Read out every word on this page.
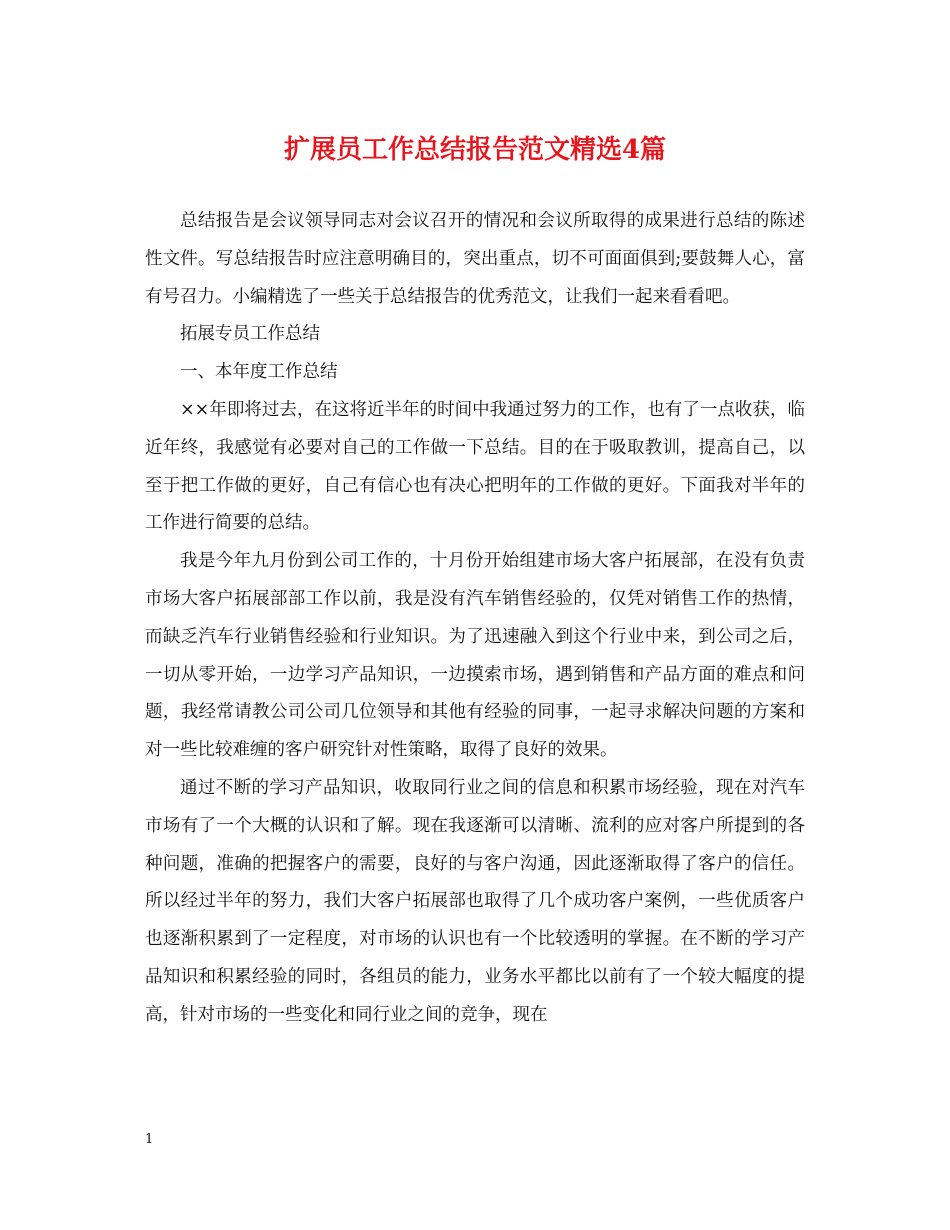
扩展员工作总结报告范文精选4篇

总结报告是会议领导同志对会议召开的情况和会议所取得的成果进行总结的陈述性文件。写总结报告时应注意明确目的，突出重点，切不可面面俱到;要鼓舞人心，富有号召力。小编精选了一些关于总结报告的优秀范文，让我们一起来看看吧。

拓展专员工作总结

一、本年度工作总结

××年即将过去，在这将近半年的时间中我通过努力的工作，也有了一点收获，临近年终，我感觉有必要对自己的工作做一下总结。目的在于吸取教训，提高自己，以至于把工作做的更好，自己有信心也有决心把明年的工作做的更好。下面我对半年的工作进行简要的总结。

我是今年九月份到公司工作的，十月份开始组建市场大客户拓展部，在没有负责市场大客户拓展部部工作以前，我是没有汽车销售经验的，仅凭对销售工作的热情，而缺乏汽车行业销售经验和行业知识。为了迅速融入到这个行业中来，到公司之后，一切从零开始，一边学习产品知识，一边摸索市场，遇到销售和产品方面的难点和问题，我经常请教公司公司几位领导和其他有经验的同事，一起寻求解决问题的方案和对一些比较难缠的客户研究针对性策略，取得了良好的效果。

通过不断的学习产品知识，收取同行业之间的信息和积累市场经验，现在对汽车市场有了一个大概的认识和了解。现在我逐渐可以清晰、流利的应对客户所提到的各种问题，准确的把握客户的需要，良好的与客户沟通，因此逐渐取得了客户的信任。所以经过半年的努力，我们大客户拓展部也取得了几个成功客户案例，一些优质客户也逐渐积累到了一定程度，对市场的认识也有一个比较透明的掌握。在不断的学习产品知识和积累经验的同时，各组员的能力，业务水平都比以前有了一个较大幅度的提高，针对市场的一些变化和同行业之间的竞争，现在

1
